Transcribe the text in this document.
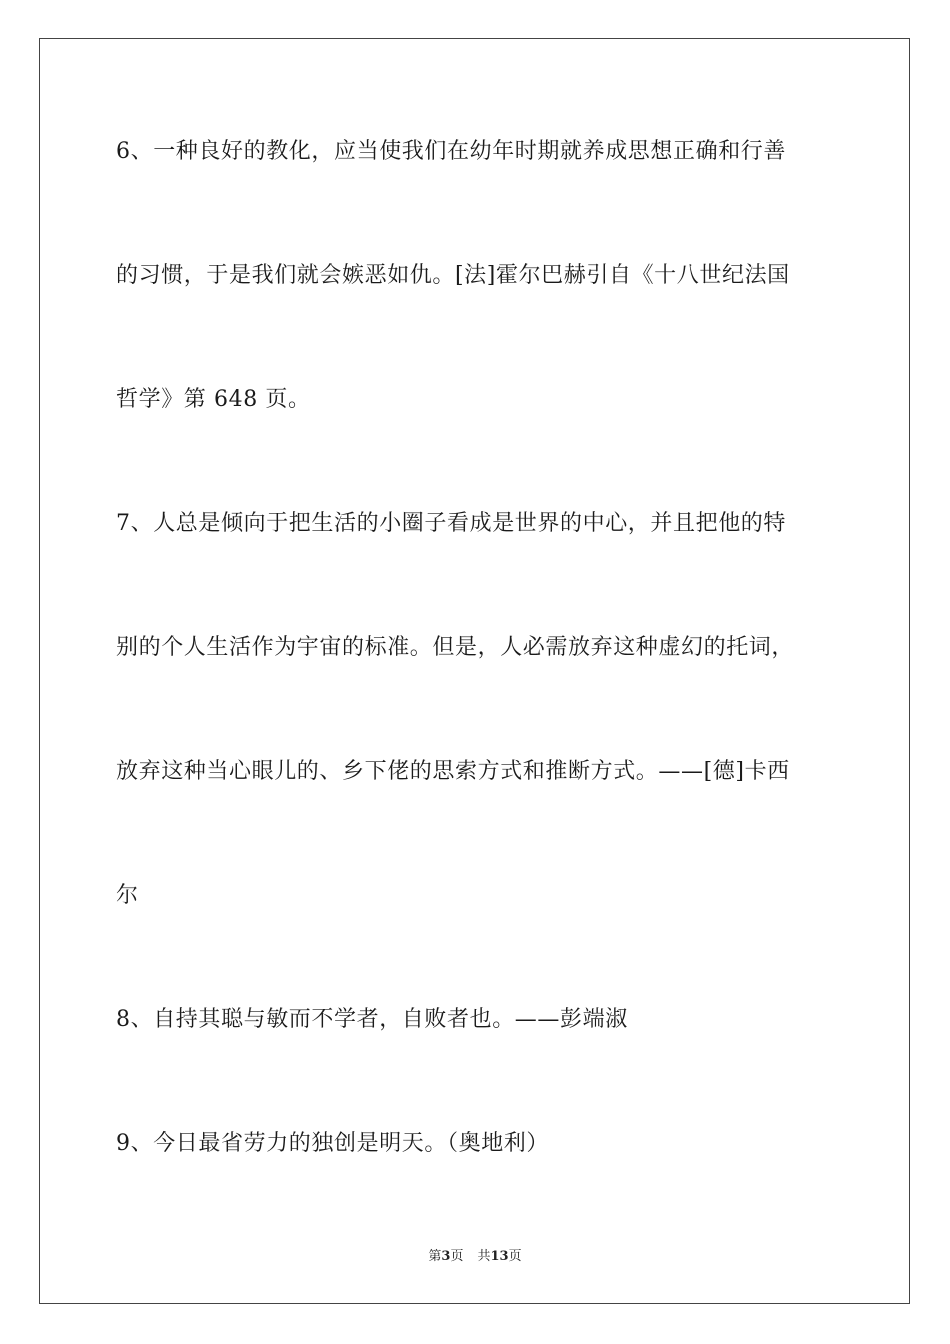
6、一种良好的教化，应当使我们在幼年时期就养成思想正确和行善
的习惯，于是我们就会嫉恶如仇。[法]霍尔巴赫引自《十八世纪法国
哲学》第 648 页。
7、人总是倾向于把生活的小圈子看成是世界的中心，并且把他的特
别的个人生活作为宇宙的标准。但是，人必需放弃这种虚幻的托词，
放弃这种当心眼儿的、乡下佬的思索方式和推断方式。——[德]卡西
尔
8、自持其聪与敏而不学者，自败者也。——彭端淑
9、今日最省劳力的独创是明天。（奥地利）
第3页 共13页
